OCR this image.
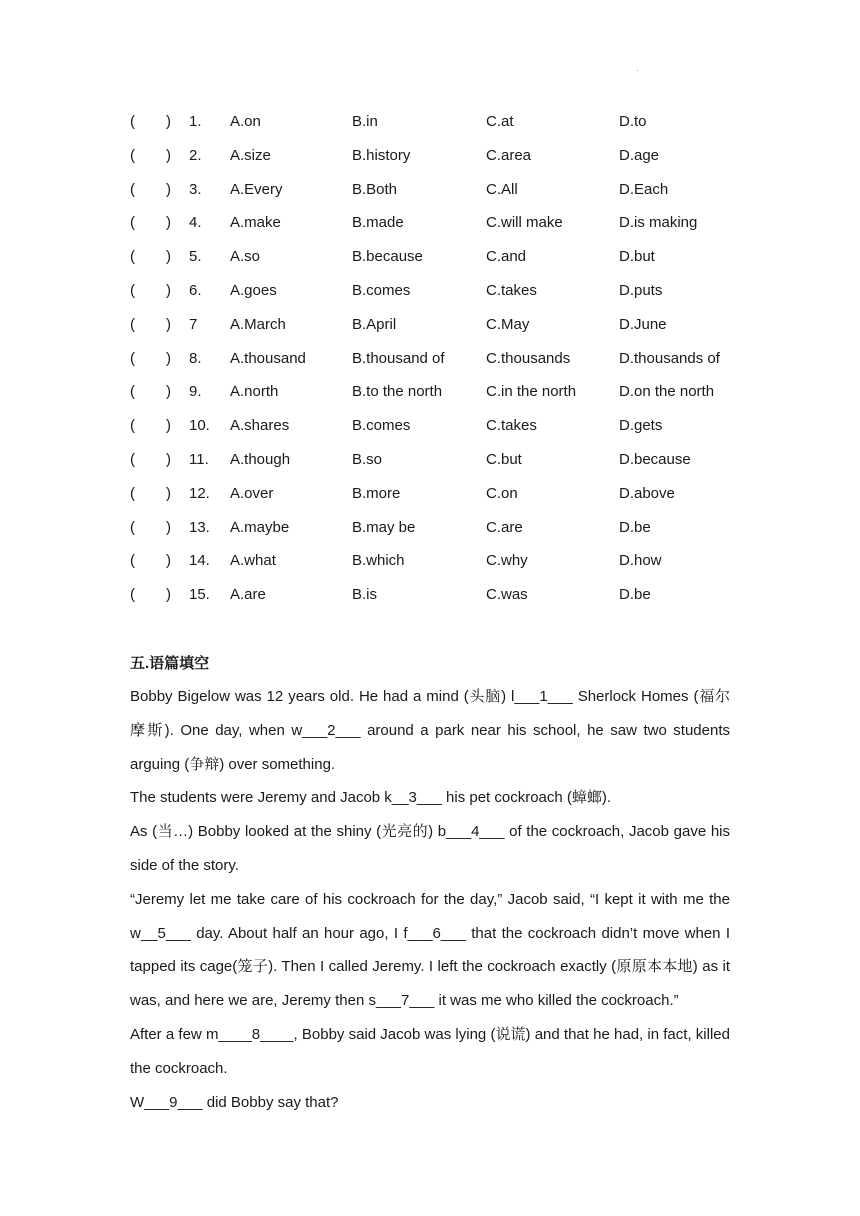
·
( ) 1. A.on	B.in	C.at	D.to
( ) 2. A.size	B.history	C.area	D.age
( ) 3. A.Every	B.Both	C.All	D.Each
( ) 4. A.make	B.made	C.will make	D.is making
( ) 5. A.so	B.because	C.and	D.but
( ) 6. A.goes	B.comes	C.takes	D.puts
( ) 7 A.March	B.April	C.May	D.June
( ) 8. A.thousand	B.thousand of	C.thousands	D.thousands of
( ) 9. A.north	B.to the north	C.in the north	D.on the north
( ) 10. A.shares	B.comes	C.takes	D.gets
( ) 11. A.though	B.so	C.but	D.because
( ) 12. A.over	B.more	C.on	D.above
( ) 13. A.maybe	B.may be	C.are	D.be
( ) 14. A.what	B.which	C.why	D.how
( ) 15. A.are	B.is	C.was	D.be
五.语篇填空

Bobby Bigelow was 12 years old. He had a mind (头脑) l___1___ Sherlock Homes (福尔摩斯). One day, when w___2___ around a park near his school, he saw two students arguing (争辩) over something.

The students were Jeremy and Jacob k__3___ his pet cockroach (蟑螂).

As (当…) Bobby looked at the shiny (光亮的) b___4___ of the cockroach, Jacob gave his side of the story.

“Jeremy let me take care of his cockroach for the day,” Jacob said, “I kept it with me the w__5___ day. About half an hour ago, I f___6___ that the cockroach didn’t move when I tapped its cage(笼子). Then I called Jeremy. I left the cockroach exactly (原原本本地) as it was, and here we are, Jeremy then s___7___ it was me who killed the cockroach.”

After a few m____8____, Bobby said Jacob was lying (说谎) and that he had, in fact, killed the cockroach.

W___9___ did Bobby say that?
